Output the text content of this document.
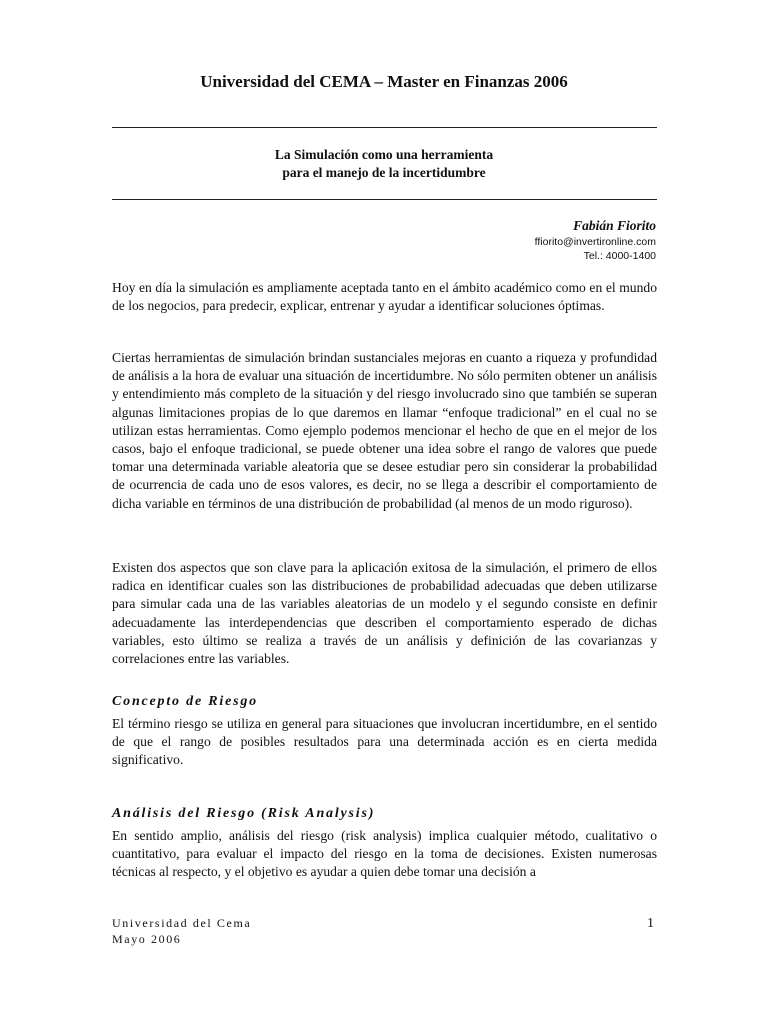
Universidad del CEMA – Master en Finanzas 2006
La Simulación como una herramienta
para el manejo de la incertidumbre
Fabián Fiorito
ffiorito@invertironline.com
Tel.: 4000-1400

Hoy en día la simulación es ampliamente aceptada tanto en el ámbito académico como en el mundo de los negocios, para predecir, explicar, entrenar y ayudar a identificar soluciones óptimas.

Ciertas herramientas de simulación brindan sustanciales mejoras en cuanto a riqueza y profundidad de análisis a la hora de evaluar una situación de incertidumbre. No sólo permiten obtener un análisis y entendimiento más completo de la situación y del riesgo involucrado sino que también se superan algunas limitaciones propias de lo que daremos en llamar “enfoque tradicional” en el cual no se utilizan estas herramientas. Como ejemplo podemos mencionar el hecho de que en el mejor de los casos, bajo el enfoque tradicional, se puede obtener una idea sobre el rango de valores que puede tomar una determinada variable aleatoria que se desee estudiar pero sin considerar la probabilidad de ocurrencia de cada uno de esos valores, es decir, no se llega a describir el comportamiento de dicha variable en términos de una distribución de probabilidad (al menos de un modo riguroso).

Existen dos aspectos que son clave para la aplicación exitosa de la simulación, el primero de ellos radica en identificar cuales son las distribuciones de probabilidad adecuadas que deben utilizarse para simular cada una de las variables aleatorias de un modelo y el segundo consiste en definir adecuadamente las interdependencias que describen el comportamiento esperado de dichas variables, esto último se realiza a través de un análisis y definición de las covarianzas y correlaciones entre las variables.

Concepto de Riesgo

El término riesgo se utiliza en general para situaciones que involucran incertidumbre, en el sentido de que el rango de posibles resultados para una determinada acción es en cierta medida significativo.

Análisis del Riesgo (Risk Analysis)

En sentido amplio, análisis del riesgo (risk analysis) implica cualquier método, cualitativo o cuantitativo, para evaluar el impacto del riesgo en la toma de decisiones. Existen numerosas técnicas al respecto, y el objetivo es ayudar a quien debe tomar una decisión a

Universidad del Cema
Mayo 2006
1
